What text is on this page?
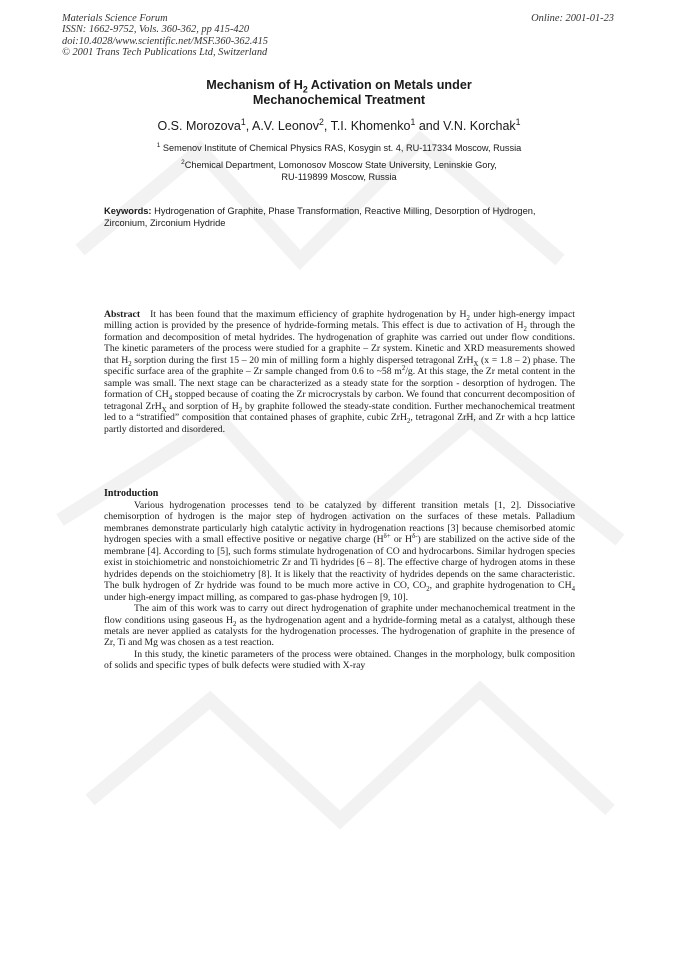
Materials Science Forum
ISSN: 1662-9752, Vols. 360-362, pp 415-420
doi:10.4028/www.scientific.net/MSF.360-362.415
© 2001 Trans Tech Publications Ltd, Switzerland
Online: 2001-01-23
Mechanism of $H_2$ Activation on Metals under
Mechanochemical Treatment
O.S. Morozova$^1$, A.V. Leonov$^2$, T.I. Khomenko$^1$ and V.N. Korchak$^1$
$^1$ Semenov Institute of Chemical Physics RAS, Kosygin st. 4, RU-117334 Moscow, Russia
$^2$Chemical Department, Lomonosov Moscow State University, Leninskie Gory,
RU-119899 Moscow, Russia
Keywords: Hydrogenation of Graphite, Phase Transformation, Reactive Milling, Desorption of Hydrogen, Zirconium, Zirconium Hydride
Abstract It has been found that the maximum efficiency of graphite hydrogenation by $H_2$ under high-energy impact milling action is provided by the presence of hydride-forming metals. This effect is due to activation of $H_2$ through the formation and decomposition of metal hydrides. The hydrogenation of graphite was carried out under flow conditions. The kinetic parameters of the process were studied for a graphite – Zr system. Kinetic and XRD measurements showed that $H_2$ sorption during the first 15 – 20 min of milling form a highly dispersed tetragonal ZrH$_X$ (x = 1.8 – 2) phase. The specific surface area of the graphite – Zr sample changed from 0.6 to ~58 $m^2/g$. At this stage, the Zr metal content in the sample was small. The next stage can be characterized as a steady state for the sorption - desorption of hydrogen. The formation of $CH_4$ stopped because of coating the Zr microcrystals by carbon. We found that concurrent decomposition of tetragonal ZrH$_X$ and sorption of $H_2$ by graphite followed the steady-state condition. Further mechanochemical treatment led to a “stratified” composition that contained phases of graphite, cubic ZrH$_2$, tetragonal ZrH, and Zr with a hcp lattice partly distorted and disordered.
Introduction

Various hydrogenation processes tend to be catalyzed by different transition metals [1, 2]. Dissociative chemisorption of hydrogen is the major step of hydrogen activation on the surfaces of these metals. Palladium membranes demonstrate particularly high catalytic activity in hydrogenation reactions [3] because chemisorbed atomic hydrogen species with a small effective positive or negative charge ($H^{\delta+}$ or $H^{\delta-}$) are stabilized on the active side of the membrane [4]. According to [5], such forms stimulate hydrogenation of CO and hydrocarbons. Similar hydrogen species exist in stoichiometric and nonstoichiometric Zr and Ti hydrides [6 – 8]. The effective charge of hydrogen atoms in these hydrides depends on the stoichiometry [8]. It is likely that the reactivity of hydrides depends on the same characteristic. The bulk hydrogen of Zr hydride was found to be much more active in CO, $CO_2$, and graphite hydrogenation to $CH_4$ under high-energy impact milling, as compared to gas-phase hydrogen [9, 10].

The aim of this work was to carry out direct hydrogenation of graphite under mechanochemical treatment in the flow conditions using gaseous $H_2$ as the hydrogenation agent and a hydride-forming metal as a catalyst, although these metals are never applied as catalysts for the hydrogenation processes. The hydrogenation of graphite in the presence of Zr, Ti and Mg was chosen as a test reaction.

In this study, the kinetic parameters of the process were obtained. Changes in the morphology, bulk composition of solids and specific types of bulk defects were studied with X-ray
